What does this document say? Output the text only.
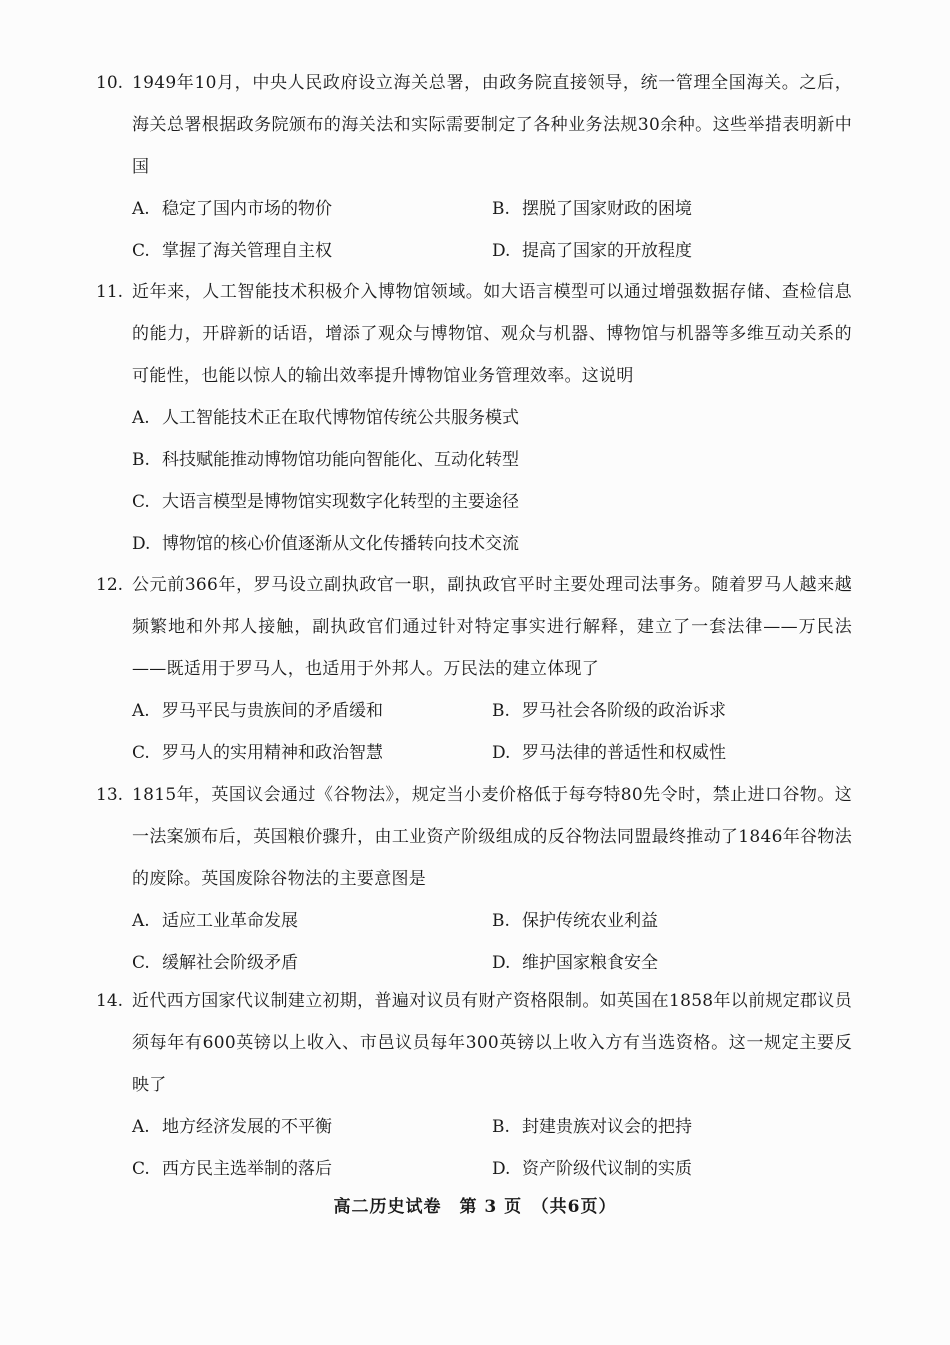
10. 1949年10月，中央人民政府设立海关总署，由政务院直接领导，统一管理全国海关。之后，海关总署根据政务院颁布的海关法和实际需要制定了各种业务法规30余种。这些举措表明新中国
A. 稳定了国内市场的物价	B. 摆脱了国家财政的困境
C. 掌握了海关管理自主权	D. 提高了国家的开放程度
11. 近年来，人工智能技术积极介入博物馆领域。如大语言模型可以通过增强数据存储、查检信息的能力，开辟新的话语，增添了观众与博物馆、观众与机器、博物馆与机器等多维互动关系的可能性，也能以惊人的输出效率提升博物馆业务管理效率。这说明
A. 人工智能技术正在取代博物馆传统公共服务模式
B. 科技赋能推动博物馆功能向智能化、互动化转型
C. 大语言模型是博物馆实现数字化转型的主要途径
D. 博物馆的核心价值逐渐从文化传播转向技术交流
12. 公元前366年，罗马设立副执政官一职，副执政官平时主要处理司法事务。随着罗马人越来越频繁地和外邦人接触，副执政官们通过针对特定事实进行解释，建立了一套法律——万民法——既适用于罗马人，也适用于外邦人。万民法的建立体现了
A. 罗马平民与贵族间的矛盾缓和	B. 罗马社会各阶级的政治诉求
C. 罗马人的实用精神和政治智慧	D. 罗马法律的普适性和权威性
13. 1815年，英国议会通过《谷物法》，规定当小麦价格低于每夸特80先令时，禁止进口谷物。这一法案颁布后，英国粮价骤升，由工业资产阶级组成的反谷物法同盟最终推动了1846年谷物法的废除。英国废除谷物法的主要意图是
A. 适应工业革命发展	B. 保护传统农业利益
C. 缓解社会阶级矛盾	D. 维护国家粮食安全
14. 近代西方国家代议制建立初期，普遍对议员有财产资格限制。如英国在1858年以前规定郡议员须每年有600英镑以上收入、市邑议员每年300英镑以上收入方有当选资格。这一规定主要反映了
A. 地方经济发展的不平衡	B. 封建贵族对议会的把持
C. 西方民主选举制的落后	D. 资产阶级代议制的实质
高二历史试卷　第 3 页　（共6页）
